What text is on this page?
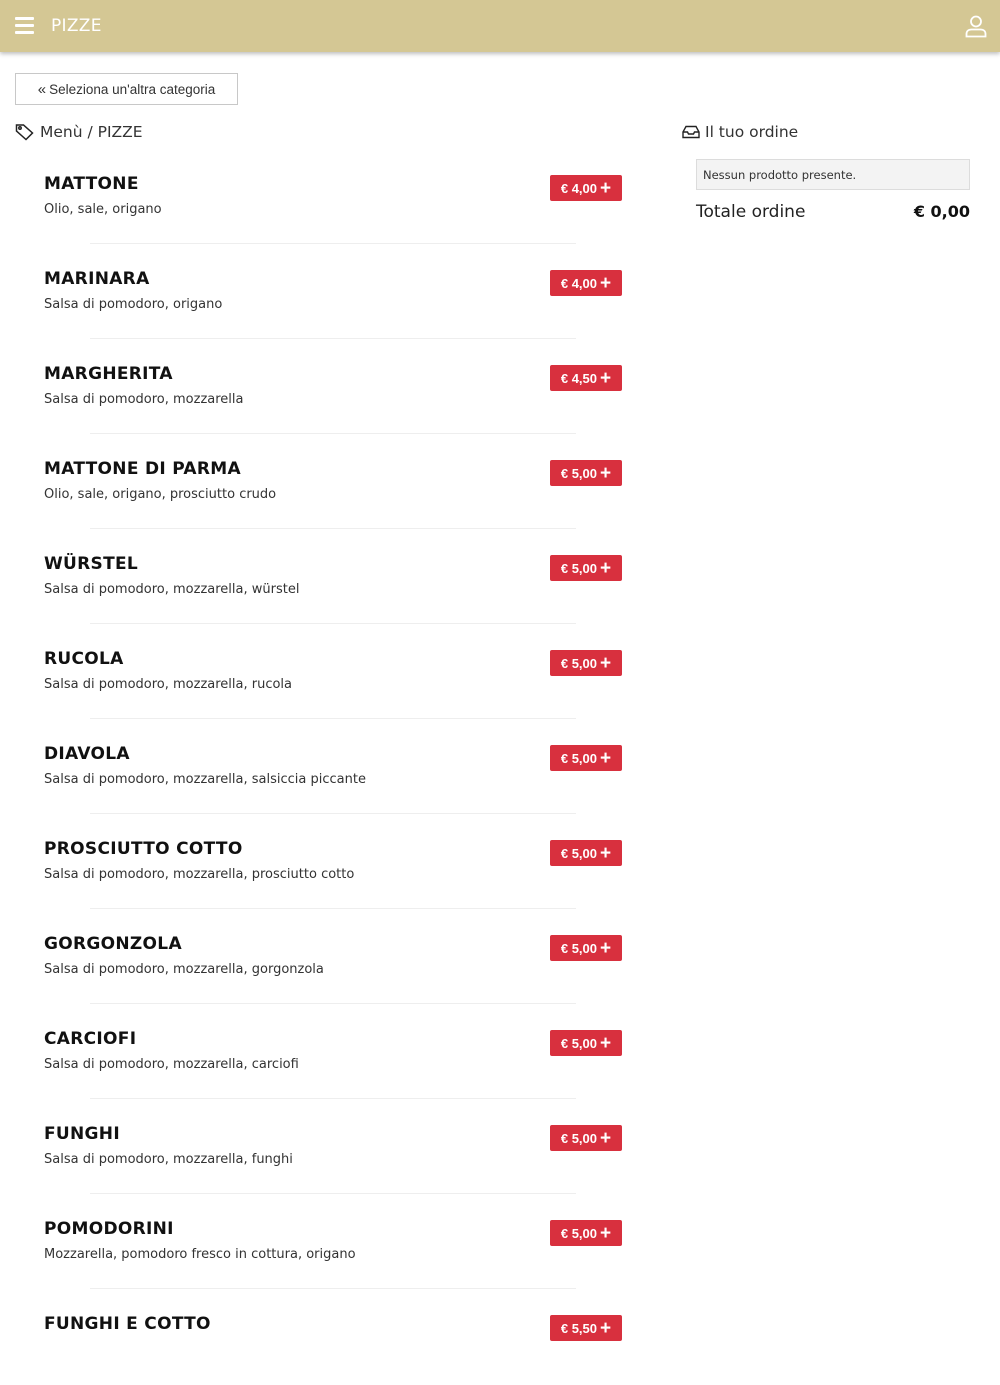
PIZZE
« Seleziona un'altra categoria
Menù / PIZZE
MATTONE
Olio, sale, origano
€ 4,00 +
MARINARA
Salsa di pomodoro, origano
€ 4,00 +
MARGHERITA
Salsa di pomodoro, mozzarella
€ 4,50 +
MATTONE DI PARMA
Olio, sale, origano, prosciutto crudo
€ 5,00 +
WÜRSTEL
Salsa di pomodoro, mozzarella, würstel
€ 5,00 +
RUCOLA
Salsa di pomodoro, mozzarella, rucola
€ 5,00 +
DIAVOLA
Salsa di pomodoro, mozzarella, salsiccia piccante
€ 5,00 +
PROSCIUTTO COTTO
Salsa di pomodoro, mozzarella, prosciutto cotto
€ 5,00 +
GORGONZOLA
Salsa di pomodoro, mozzarella, gorgonzola
€ 5,00 +
CARCIOFI
Salsa di pomodoro, mozzarella, carciofi
€ 5,00 +
FUNGHI
Salsa di pomodoro, mozzarella, funghi
€ 5,00 +
POMODORINI
Mozzarella, pomodoro fresco in cottura, origano
€ 5,00 +
FUNGHI E COTTO	€ 5,50 +
Il tuo ordine
Nessun prodotto presente.
Totale ordine	€ 0,00
